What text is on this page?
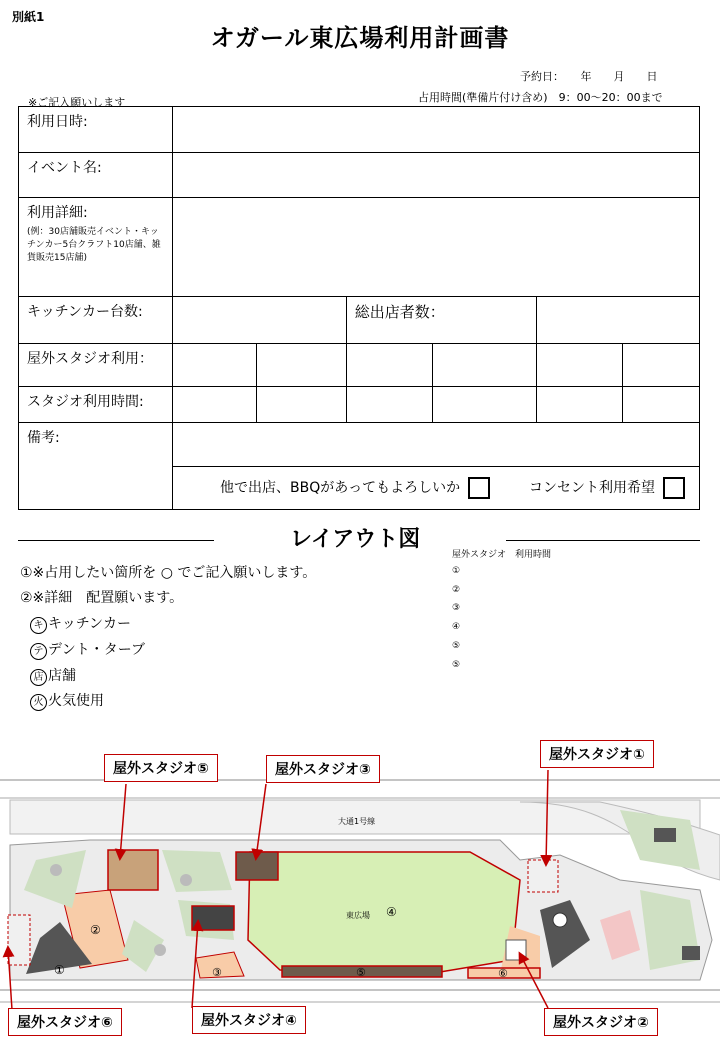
別紙1
オガール東広場利用計画書
予約日：　　年　　月　　日
※ご記入願いします	占用時間(準備片付け含め)　9：00〜20：00まで
利用日時:						
イベント名:						

利用詳細:
(例：30店舗販売イベント・キッチンカー5台クラフト10店舗、雑貨販売15店舗)						

キッチンカー台数:			総出店者数：			
屋外スタジオ利用：						
スタジオ利用時間:						
備考:						
	他で出店、BBQがあってもよろしいか コンセント利用希望					
レイアウト図
①※占用したい箇所を ○ でご記入願いします。
②※詳細　配置願います。
キ キッチンカー
テ デント・ターブ
店 店舗
火 火気使用
屋外スタジオ　利用時間
①
②
③
④
⑤
⑤
大通1号線
東広場 ④
①
②
③	⑤	⑥
屋外スタジオ⑤	屋外スタジオ③
屋外スタジオ①
屋外スタジオ⑥	屋外スタジオ④	屋外スタジオ②
